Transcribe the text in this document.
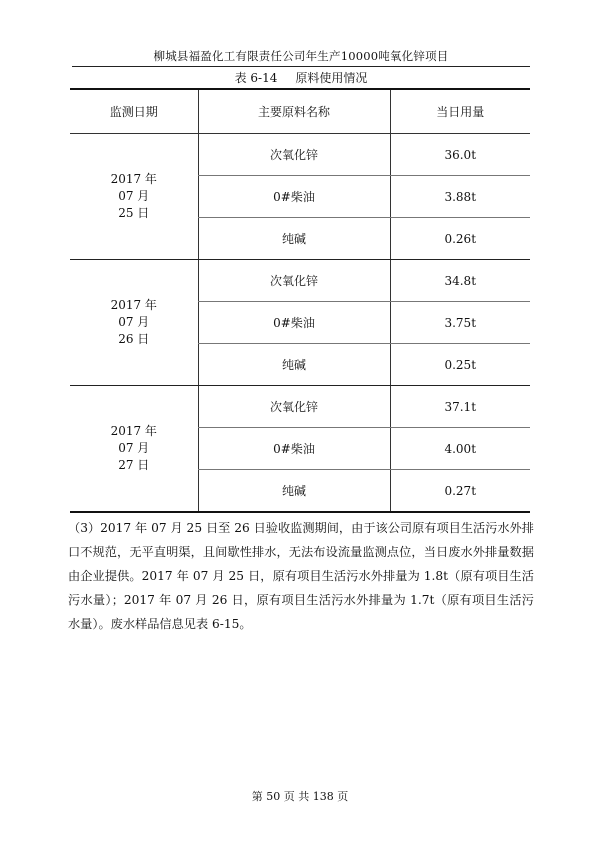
柳城县福盈化工有限责任公司年生产10000吨氧化锌项目
表 6-14 原料使用情况
监测日期	主要原料名称	当日用量

2017 年
07 月
25 日	次氧化锌	36.0t
	0#柴油	3.88t
	纯碱	0.26t

2017 年
07 月
26 日	次氧化锌	34.8t
	0#柴油	3.75t
	纯碱	0.25t

2017 年
07 月
27 日	次氧化锌	37.1t
	0#柴油	4.00t
	纯碱	0.27t

（3）2017 年 07 月 25 日至 26 日验收监测期间，由于该公司原有项目生活污水外排口不规范，无平直明渠，且间歇性排水，无法布设流量监测点位，当日废水外排量数据由企业提供。2017 年 07 月 25 日，原有项目生活污水外排量为 1.8t（原有项目生活污水量）；2017 年 07 月 26 日，原有项目生活污水外排量为 1.7t（原有项目生活污水量）。废水样品信息见表 6-15。

第 50 页 共 138 页
